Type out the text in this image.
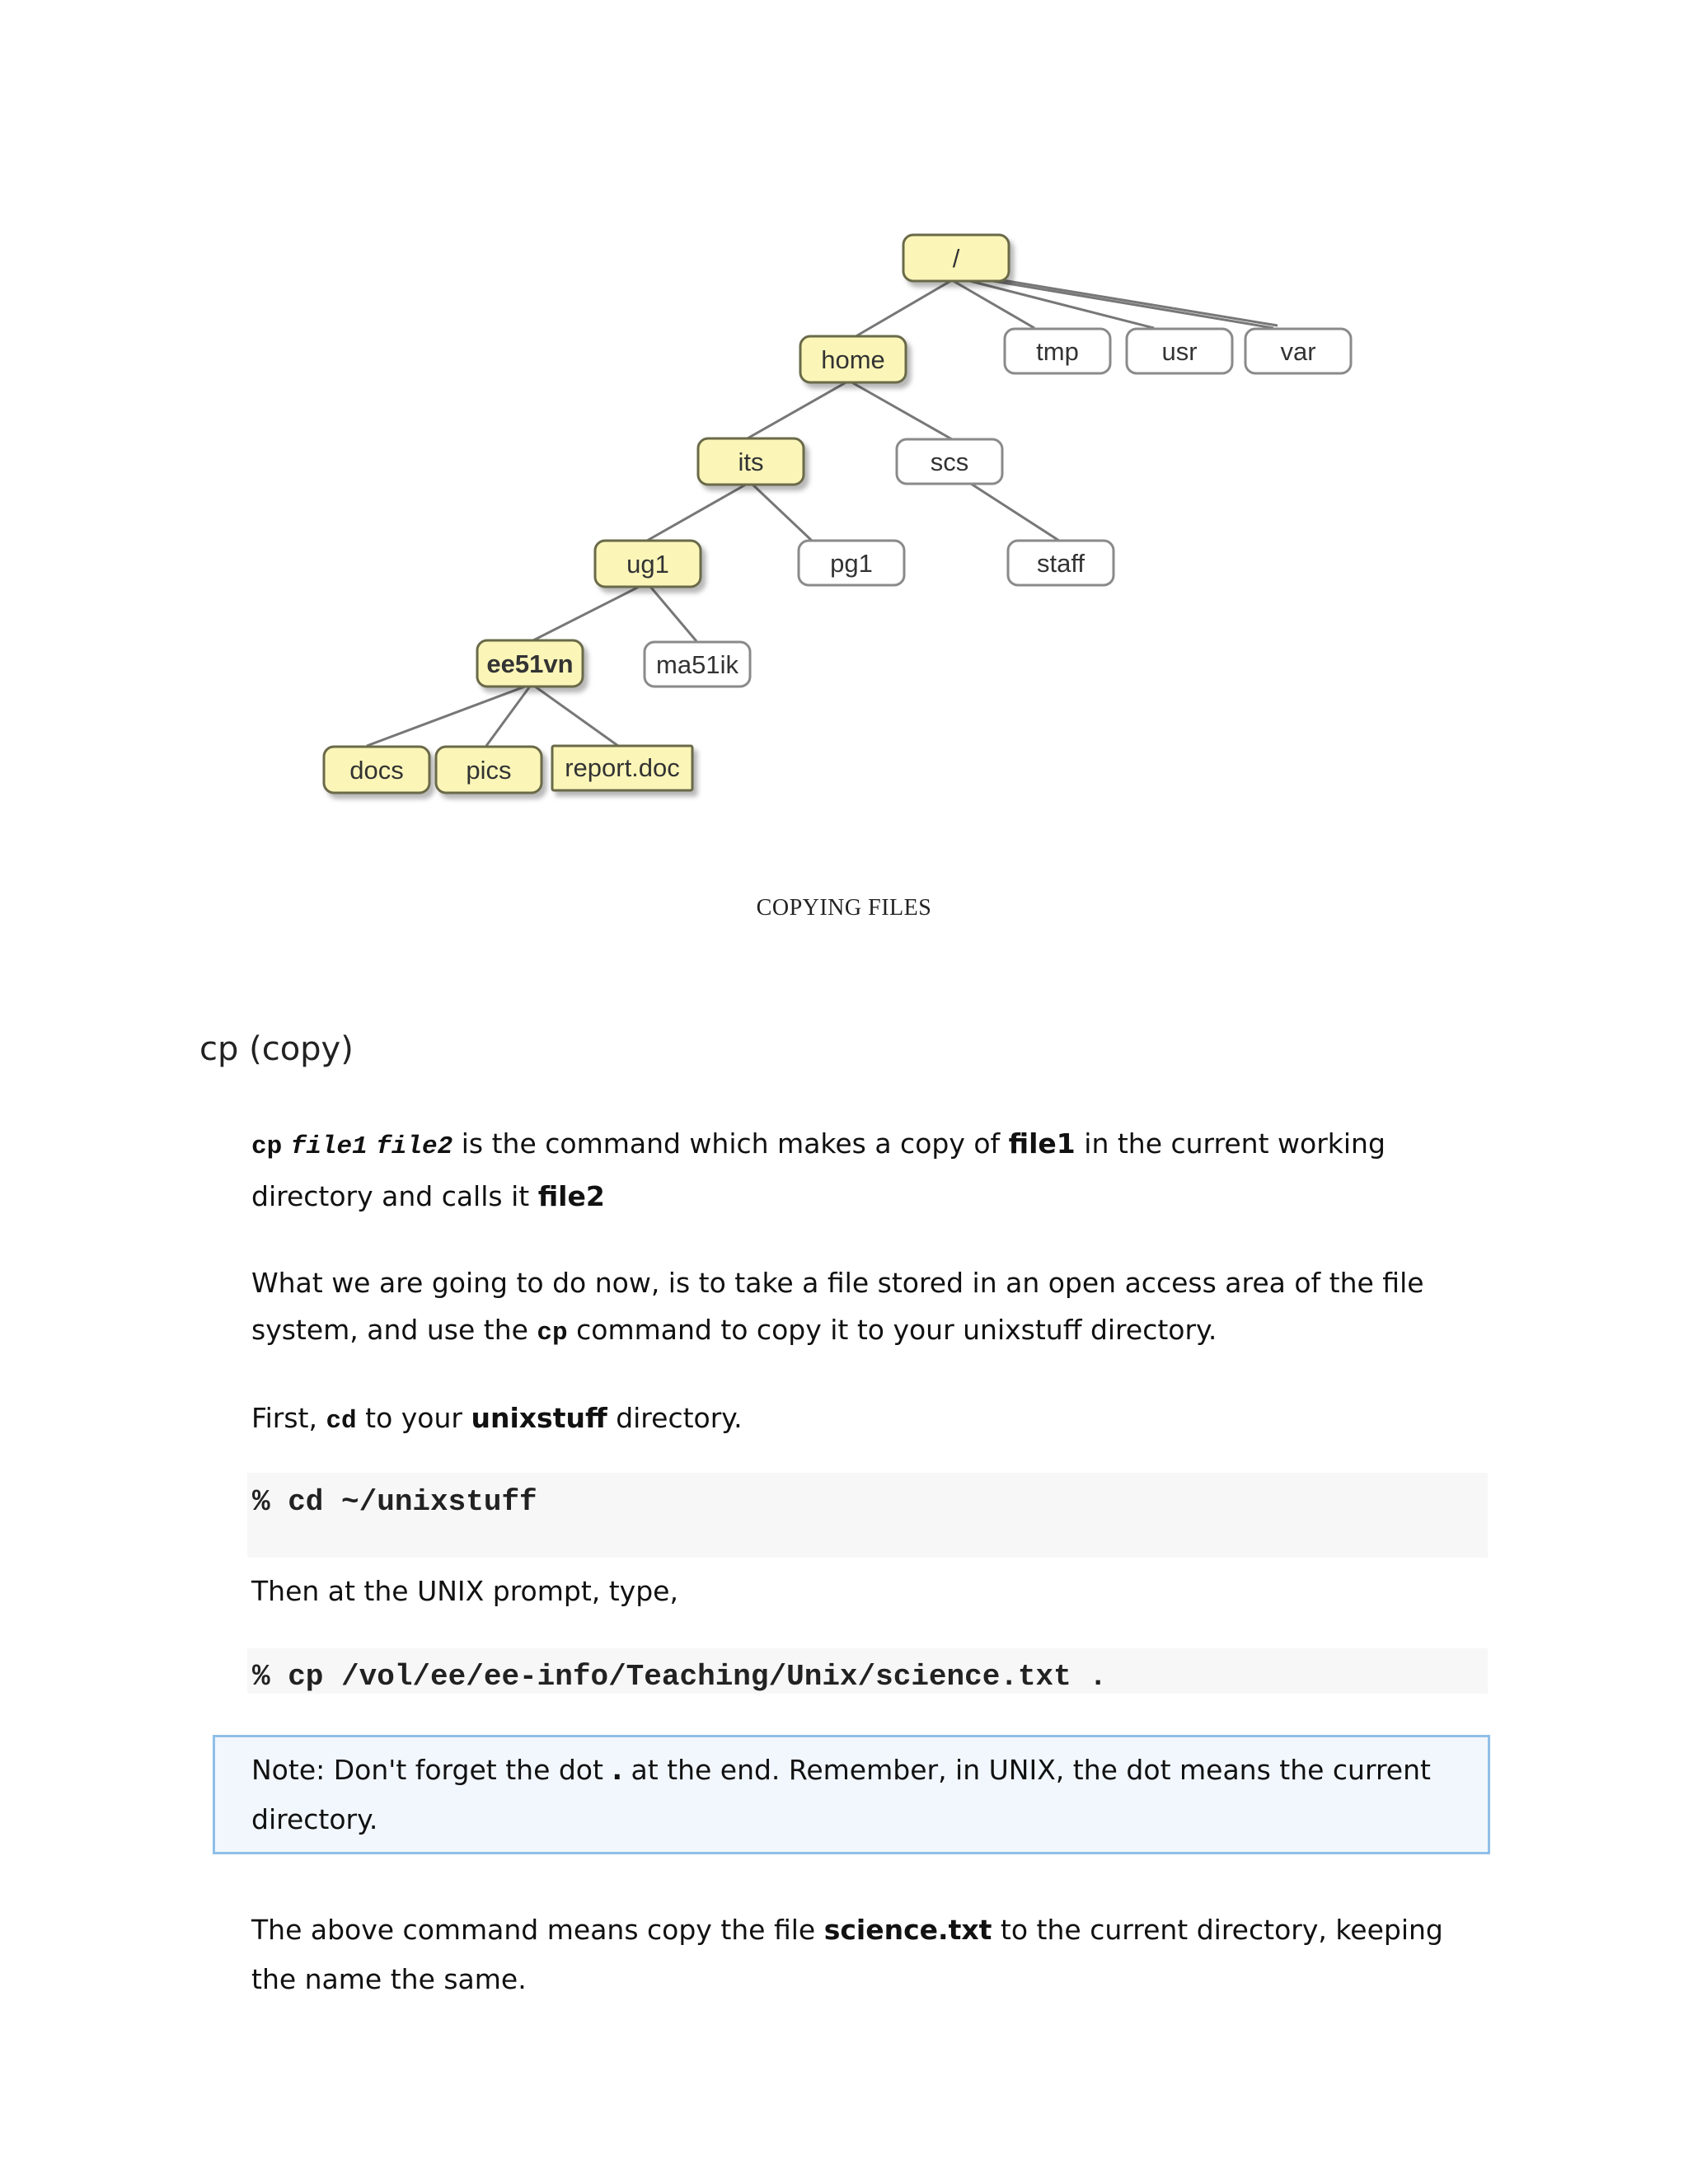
/
home	tmp	usr	var
its	scs
ug1	pg1	staff
ee51vn	ma51ik
docs pics report.doc
COPYING FILES
cp (copy)
cp file1 file2 is the command which makes a copy of file1 in the current working directory and calls it file2
What we are going to do now, is to take a file stored in an open access area of the file system, and use the cp command to copy it to your unixstuff directory.
First, cd to your unixstuff directory.
% cd ~/unixstuff
Then at the UNIX prompt, type,
% cp /vol/ee/ee-info/Teaching/Unix/science.txt .
Note: Don't forget the dot . at the end. Remember, in UNIX, the dot means the current directory.
The above command means copy the file science.txt to the current directory, keeping the name the same.
